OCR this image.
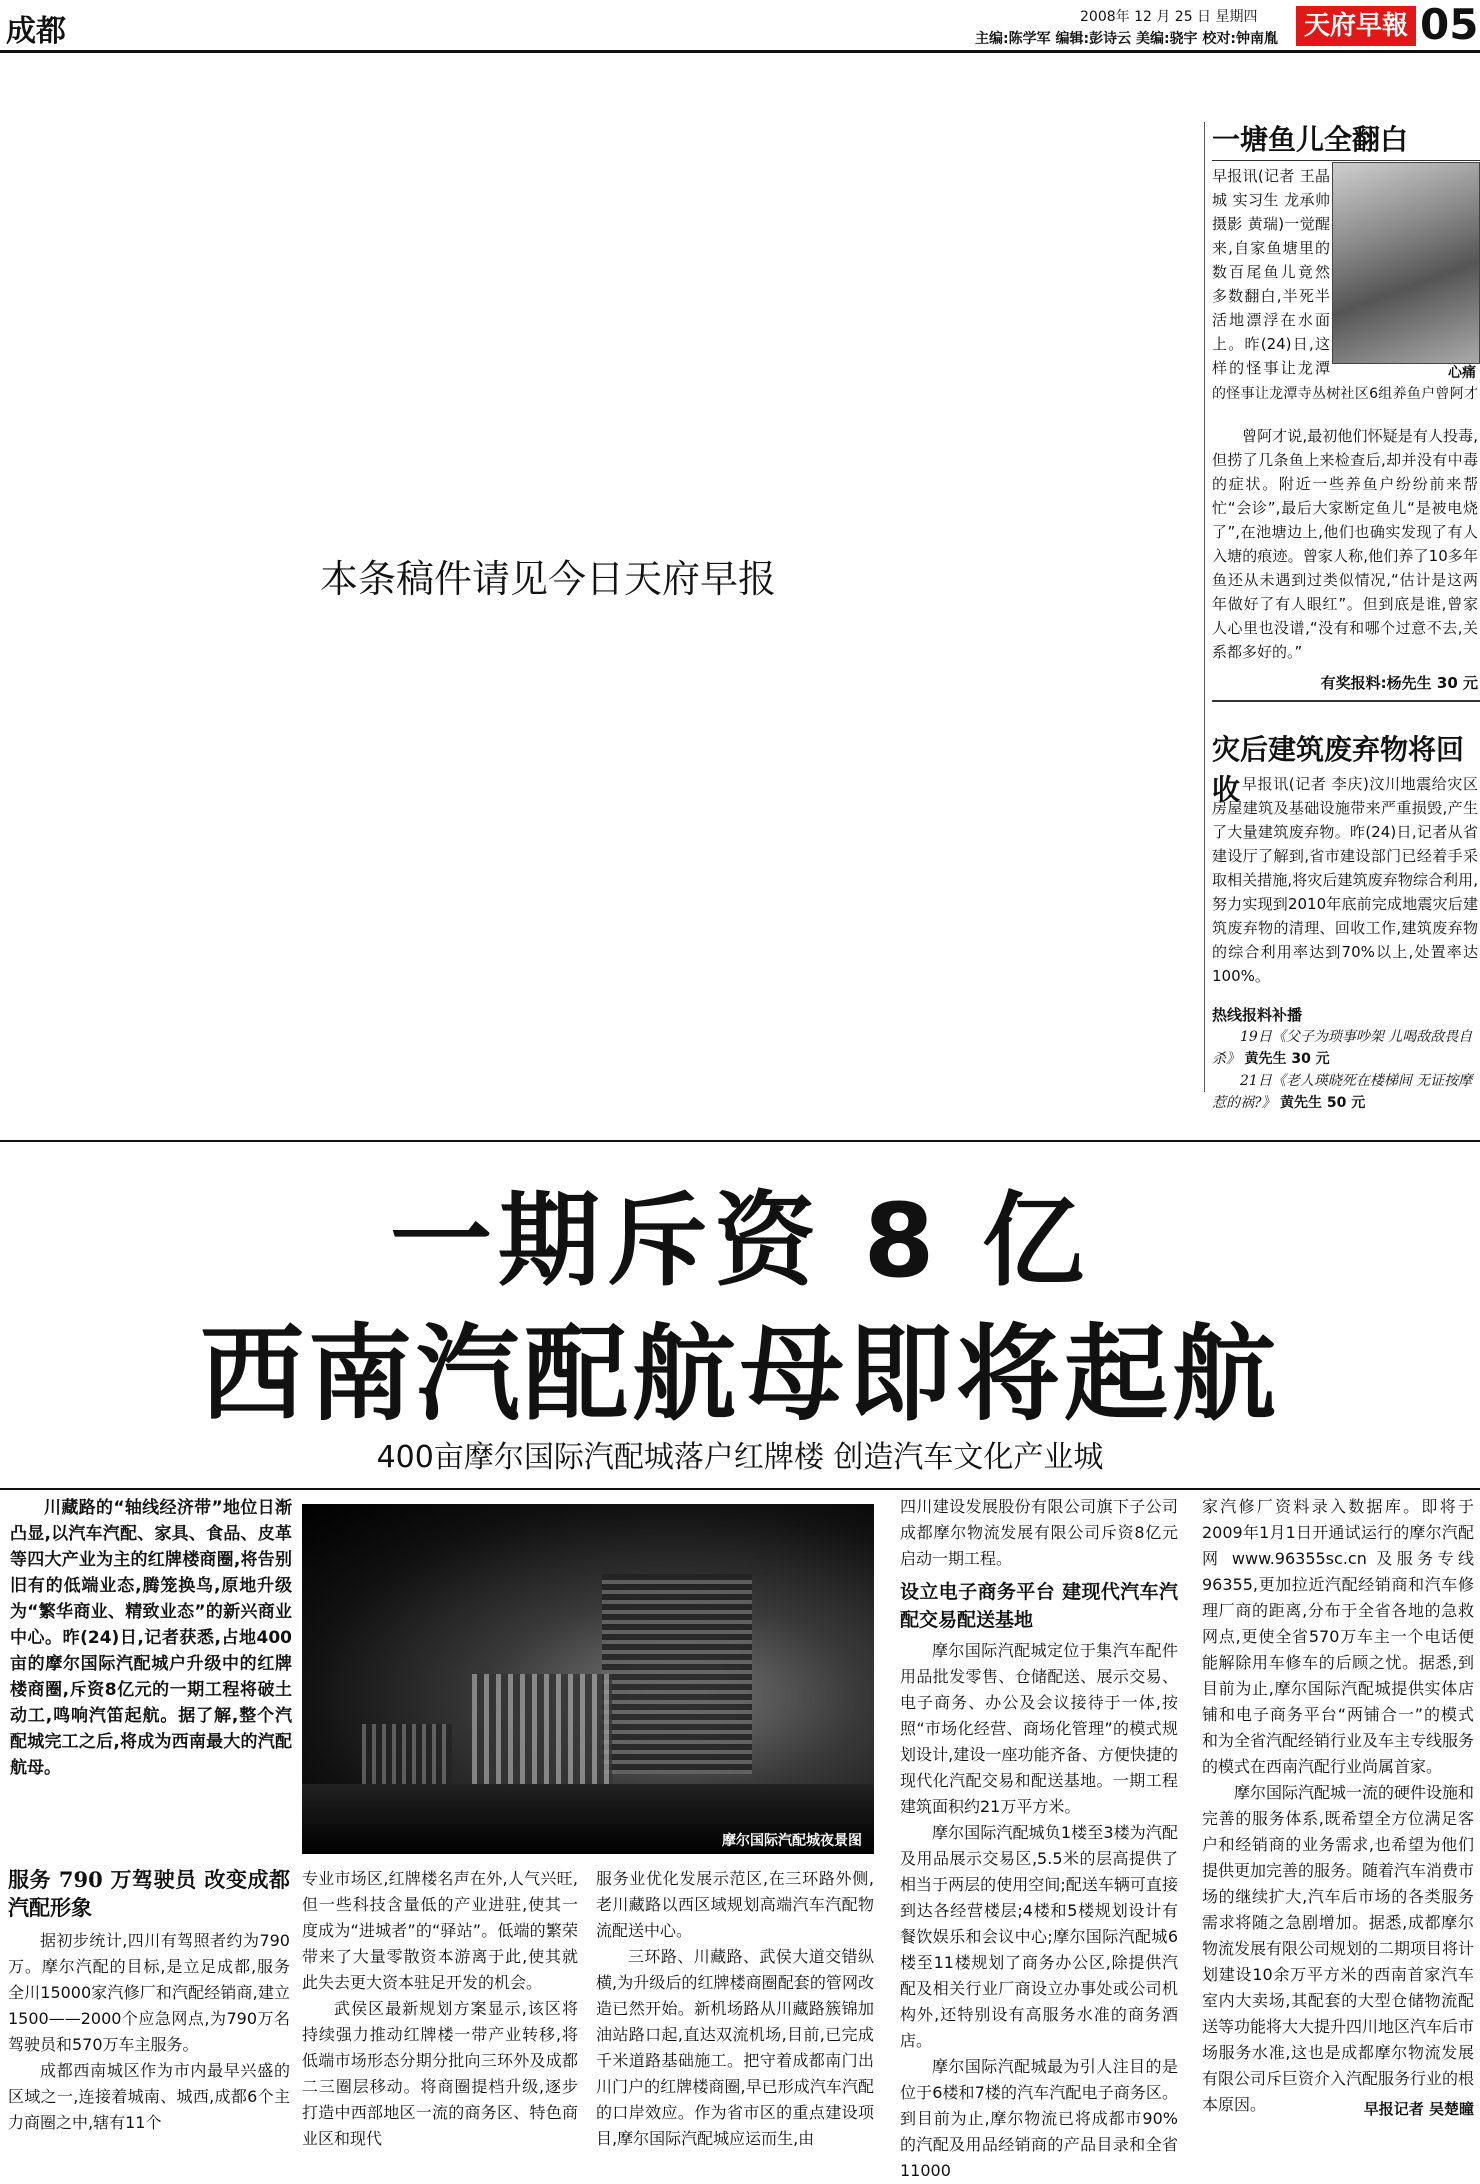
成都	2008年 12 月 25 日 星期四
主编:陈学军 编辑:彭诗云 美编:骁宇 校对:钟南胤 天府早報 05
本条稿件请见今日天府早报
一塘鱼儿全翻白
心痛
早报讯(记者 王晶城 实习生 龙承帅 摄影 黄瑞)一觉醒来,自家鱼塘里的数百尾鱼儿竟然多数翻白,半死半活地漂浮在水面上。昨(24)日,这样的怪事让龙潭
的怪事让龙潭寺丛树社区6组养鱼户曾阿才
曾阿才说,最初他们怀疑是有人投毒,但捞了几条鱼上来检查后,却并没有中毒的症状。附近一些养鱼户纷纷前来帮忙“会诊”,最后大家断定鱼儿“是被电烧了”,在池塘边上,他们也确实发现了有人入塘的痕迹。曾家人称,他们养了10多年鱼还从未遇到过类似情况,“估计是这两年做好了有人眼红”。但到底是谁,曾家人心里也没谱,“没有和哪个过意不去,关系都多好的。”
有奖报料:杨先生 30 元
灾后建筑废弃物将回收 早报讯(记者 李庆)汶川地震给灾区房屋建筑及基础设施带来严重损毁,产生了大量建筑废弃物。昨(24)日,记者从省建设厅了解到,省市建设部门已经着手采取相关措施,将灾后建筑废弃物综合利用,努力实现到2010年底前完成地震灾后建筑废弃物的清理、回收工作,建筑废弃物的综合利用率达到70%以上,处置率达100%。
热线报料补播
19日《父子为琐事吵架 儿喝敌敌畏自杀》 黄先生 30 元
21日《老人瑛晓死在楼梯间 无证按摩惹的祸?》 黄先生 50 元
一期斥资 8 亿
西南汽配航母即将起航
400亩摩尔国际汽配城落户红牌楼 创造汽车文化产业城
川藏路的“轴线经济带”地位日渐凸显,以汽车汽配、家具、食品、皮革等四大产业为主的红牌楼商圈,将告别旧有的低端业态,腾笼换鸟,原地升级为“繁华商业、精致业态”的新兴商业中心。昨(24)日,记者获悉,占地400亩的摩尔国际汽配城户升级中的红牌楼商圈,斥资8亿元的一期工程将破土动工,鸣响汽笛起航。据了解,整个汽配城完工之后,将成为西南最大的汽配航母。
摩尔国际汽配城夜景图
服务 790 万驾驶员 改变成都汽配形象

据初步统计,四川有驾照者约为790万。摩尔汽配的目标,是立足成都,服务全川15000家汽修厂和汽配经销商,建立1500——2000个应急网点,为790万名驾驶员和570万车主服务。

成都西南城区作为市内最早兴盛的区域之一,连接着城南、城西,成都6个主力商圈之中,辖有11个

专业市场区,红牌楼名声在外,人气兴旺,但一些科技含量低的产业进驻,使其一度成为“进城者”的“驿站”。低端的繁荣带来了大量零散资本游离于此,使其就此失去更大资本驻足开发的机会。

武侯区最新规划方案显示,该区将持续强力推动红牌楼一带产业转移,将低端市场形态分期分批向三环外及成都二三圈层移动。将商圈提档升级,逐步打造中西部地区一流的商务区、特色商业区和现代

服务业优化发展示范区,在三环路外侧,老川藏路以西区域规划高端汽车汽配物流配送中心。

三环路、川藏路、武侯大道交错纵横,为升级后的红牌楼商圈配套的管网改造已然开始。新机场路从川藏路簇锦加油站路口起,直达双流机场,目前,已完成千米道路基础施工。把守着成都南门出川门户的红牌楼商圈,早已形成汽车汽配的口岸效应。作为省市区的重点建设项目,摩尔国际汽配城应运而生,由

四川建设发展股份有限公司旗下子公司成都摩尔物流发展有限公司斥资8亿元启动一期工程。

设立电子商务平台 建现代汽车汽配交易配送基地

摩尔国际汽配城定位于集汽车配件用品批发零售、仓储配送、展示交易、电子商务、办公及会议接待于一体,按照“市场化经营、商场化管理”的模式规划设计,建设一座功能齐备、方便快捷的现代化汽配交易和配送基地。一期工程建筑面积约21万平方米。

摩尔国际汽配城负1楼至3楼为汽配及用品展示交易区,5.5米的层高提供了相当于两层的使用空间;配送车辆可直接到达各经营楼层;4楼和5楼规划设计有餐饮娱乐和会议中心;摩尔国际汽配城6楼至11楼规划了商务办公区,除提供汽配及相关行业厂商设立办事处或公司机构外,还特别设有高服务水准的商务酒店。

摩尔国际汽配城最为引人注目的是位于6楼和7楼的汽车汽配电子商务区。到目前为止,摩尔物流已将成都市90%的汽配及用品经销商的产品目录和全省11000

家汽修厂资料录入数据库。即将于2009年1月1日开通试运行的摩尔汽配网 www.96355sc.cn 及服务专线 96355,更加拉近汽配经销商和汽车修理厂商的距离,分布于全省各地的急救网点,更使全省570万车主一个电话便能解除用车修车的后顾之忧。据悉,到目前为止,摩尔国际汽配城提供实体店铺和电子商务平台“两铺合一”的模式和为全省汽配经销行业及车主专线服务的模式在西南汽配行业尚属首家。

摩尔国际汽配城一流的硬件设施和完善的服务体系,既希望全方位满足客户和经销商的业务需求,也希望为他们提供更加完善的服务。随着汽车消费市场的继续扩大,汽车后市场的各类服务需求将随之急剧增加。据悉,成都摩尔物流发展有限公司规划的二期项目将计划建设10余万平方米的西南首家汽车室内大卖场,其配套的大型仓储物流配送等功能将大大提升四川地区汽车后市场服务水准,这也是成都摩尔物流发展有限公司斥巨资介入汽配服务行业的根本原因。	早报记者 吴楚曈
